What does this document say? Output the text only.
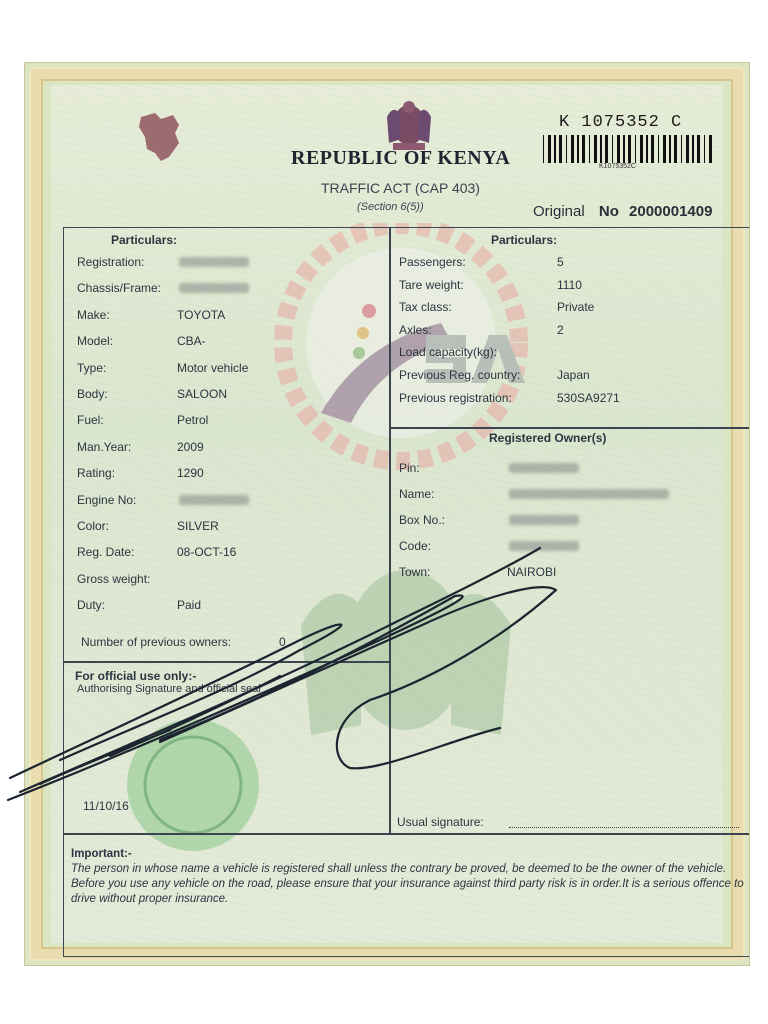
REPUBLIC OF KENYA
TRAFFIC ACT (CAP 403)
(Section 6(5))
K 1075352 C
K1075352C
Original No 2000001409
Particulars:
Registration:
Chassis/Frame:
Make:	TOYOTA
Model:	CBA-
Type:	Motor vehicle
Body:	SALOON
Fuel:	Petrol
Man.Year:	2009
Rating:	1290
Engine No:
Color:	SILVER
Reg. Date:	08-OCT-16
Gross weight:
Duty:	Paid
Number of previous owners:	0
Particulars:
Passengers:	5
Tare weight:	1110
Tax class:	Private
Axles:	2
Load capacity(kg):
Previous Reg. country:	Japan
Previous registration:	530SA9271
Registered Owner(s)
Pin:
Name:
Box No.:
Code:
Town:	NAIROBI
For official use only:-
Authorising Signature and official seal
11/10/16
Usual signature:
Important:-
The person in whose name a vehicle is registered shall unless the contrary be proved, be deemed to be the owner of the vehicle. Before you use any vehicle on the road, please ensure that your insurance against third party risk is in order.It is a serious offence to drive without proper insurance.
